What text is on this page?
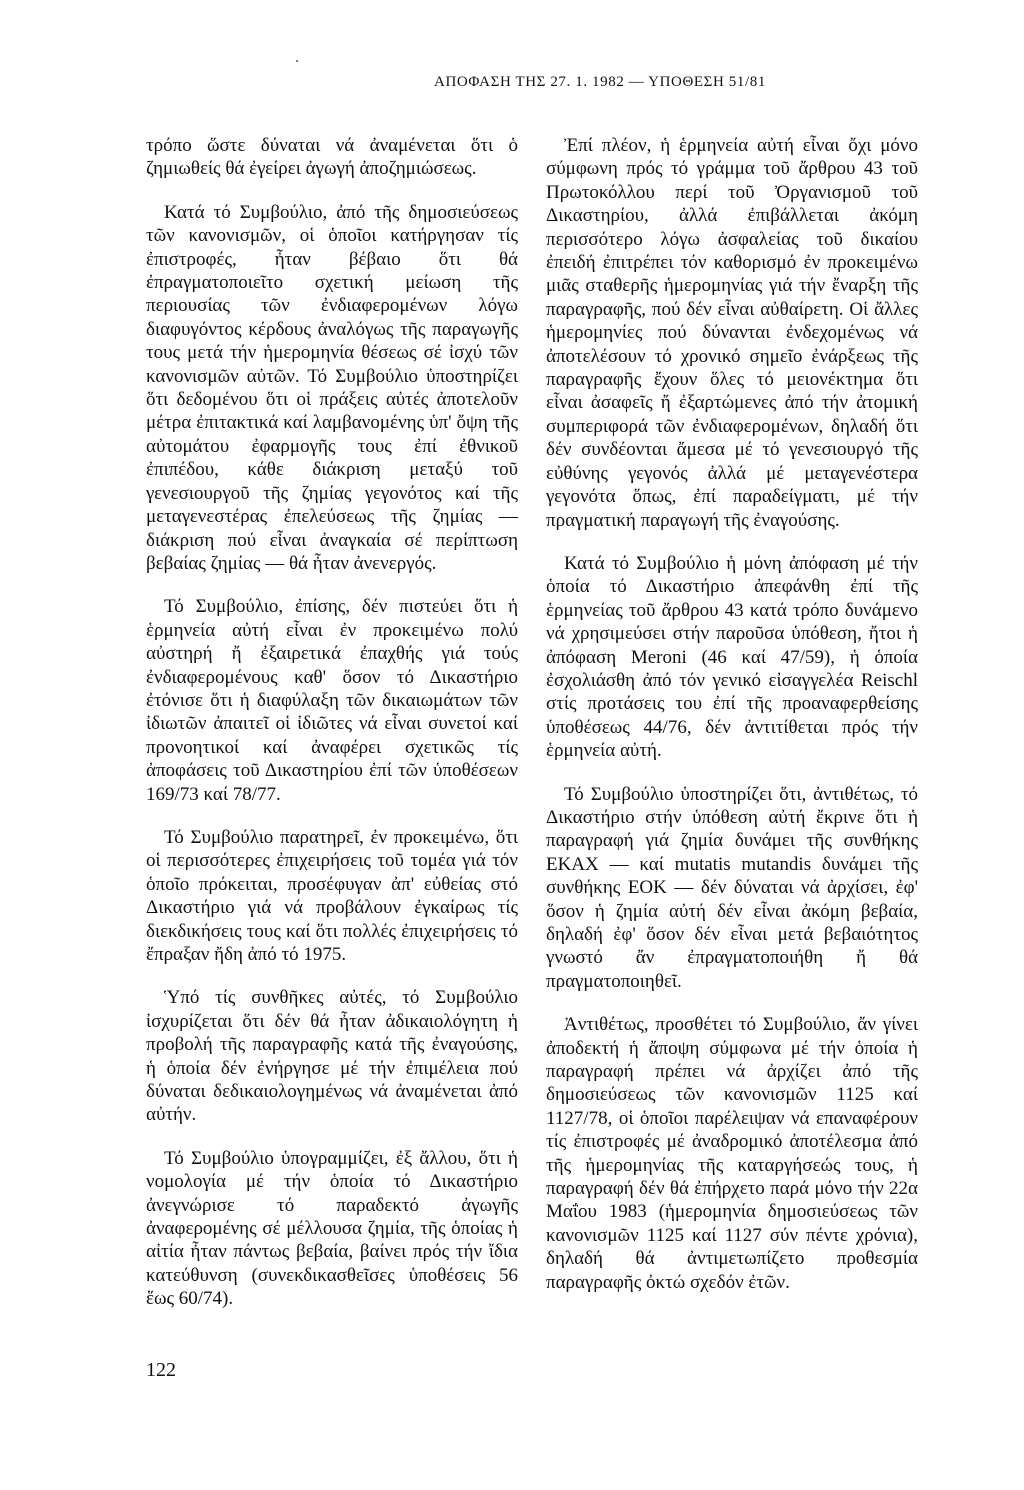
ΑΠΟΦΑΣΗ ΤΗΣ 27. 1. 1982 — ΥΠΟΘΕΣΗ 51/81

τρόπο ὥστε δύναται νά ἀναμένεται ὅτι ὁ ζημιωθείς θά ἐγείρει ἀγωγή ἀποζημιώσεως.

Κατά τό Συμβούλιο, ἀπό τῆς δημοσιεύσεως τῶν κανονισμῶν, οἱ ὁποῖοι κατήργησαν τίς ἐπιστροφές, ἦταν βέβαιο ὅτι θά ἐπραγματοποιεῖτο σχετική μείωση τῆς περιουσίας τῶν ἐνδιαφερομένων λόγω διαφυγόντος κέρδους ἀναλόγως τῆς παραγωγῆς τους μετά τήν ἡμερομηνία θέσεως σέ ἰσχύ τῶν κανονισμῶν αὐτῶν. Τό Συμβούλιο ὑποστηρίζει ὅτι δεδομένου ὅτι οἱ πράξεις αὐτές ἀποτελοῦν μέτρα ἐπιτακτικά καί λαμβανομένης ὑπ' ὄψη τῆς αὐτομάτου ἐφαρμογῆς τους ἐπί ἐθνικοῦ ἐπιπέδου, κάθε διάκριση μεταξύ τοῦ γενεσιουργοῦ τῆς ζημίας γεγονότος καί τῆς μεταγενεστέρας ἐπελεύσεως τῆς ζημίας — διάκριση πού εἶναι ἀναγκαία σέ περίπτωση βεβαίας ζημίας — θά ἦταν ἀνενεργός.

Τό Συμβούλιο, ἐπίσης, δέν πιστεύει ὅτι ἡ ἑρμηνεία αὐτή εἶναι ἐν προκειμένω πολύ αὐστηρή ἤ ἐξαιρετικά ἐπαχθής γιά τούς ἐνδιαφερομένους καθ' ὅσον τό Δικαστήριο ἐτόνισε ὅτι ἡ διαφύλαξη τῶν δικαιωμάτων τῶν ἰδιωτῶν ἀπαιτεῖ οἱ ἰδιῶτες νά εἶναι συνετοί καί προνοητικοί καί ἀναφέρει σχετικῶς τίς ἀποφάσεις τοῦ Δικαστηρίου ἐπί τῶν ὑποθέσεων 169/73 καί 78/77.

Τό Συμβούλιο παρατηρεῖ, ἐν προκειμένω, ὅτι οἱ περισσότερες ἐπιχειρήσεις τοῦ τομέα γιά τόν ὁποῖο πρόκειται, προσέφυγαν ἀπ' εὐθείας στό Δικαστήριο γιά νά προβάλουν ἐγκαίρως τίς διεκδικήσεις τους καί ὅτι πολλές ἐπιχειρήσεις τό ἔπραξαν ἤδη ἀπό τό 1975.

Ὑπό τίς συνθῆκες αὐτές, τό Συμβούλιο ἰσχυρίζεται ὅτι δέν θά ἦταν ἀδικαιολόγητη ἡ προβολή τῆς παραγραφῆς κατά τῆς ἐναγούσης, ἡ ὁποία δέν ἐνήργησε μέ τήν ἐπιμέλεια πού δύναται δεδικαιολογημένως νά ἀναμένεται ἀπό αὐτήν.

Τό Συμβούλιο ὑπογραμμίζει, ἐξ ἄλλου, ὅτι ἡ νομολογία μέ τήν ὁποία τό Δικαστήριο ἀνεγνώρισε τό παραδεκτό ἀγωγῆς ἀναφερομένης σέ μέλλουσα ζημία, τῆς ὁποίας ἡ αἰτία ἦταν πάντως βεβαία, βαίνει πρός τήν ἴδια κατεύθυνση (συνεκδικασθεῖσες ὑποθέσεις 56 ἕως 60/74).

Ἐπί πλέον, ἡ ἑρμηνεία αὐτή εἶναι ὄχι μόνο σύμφωνη πρός τό γράμμα τοῦ ἄρθρου 43 τοῦ Πρωτοκόλλου περί τοῦ Ὀργανισμοῦ τοῦ Δικαστηρίου, ἀλλά ἐπιβάλλεται ἀκόμη περισσότερο λόγω ἀσφαλείας τοῦ δικαίου ἐπειδή ἐπιτρέπει τόν καθορισμό ἐν προκειμένω μιᾶς σταθερῆς ἡμερομηνίας γιά τήν ἔναρξη τῆς παραγραφῆς, πού δέν εἶναι αὐθαίρετη. Οἱ ἄλλες ἡμερομηνίες πού δύνανται ἐνδεχομένως νά ἀποτελέσουν τό χρονικό σημεῖο ἐνάρξεως τῆς παραγραφῆς ἔχουν ὅλες τό μειονέκτημα ὅτι εἶναι ἀσαφεῖς ἤ ἐξαρτώμενες ἀπό τήν ἀτομική συμπεριφορά τῶν ἐνδιαφερομένων, δηλαδή ὅτι δέν συνδέονται ἄμεσα μέ τό γενεσιουργό τῆς εὐθύνης γεγονός ἀλλά μέ μεταγενέστερα γεγονότα ὅπως, ἐπί παραδείγματι, μέ τήν πραγματική παραγωγή τῆς ἐναγούσης.

Κατά τό Συμβούλιο ἡ μόνη ἀπόφαση μέ τήν ὁποία τό Δικαστήριο ἀπεφάνθη ἐπί τῆς ἑρμηνείας τοῦ ἄρθρου 43 κατά τρόπο δυνάμενο νά χρησιμεύσει στήν παροῦσα ὑπόθεση, ἤτοι ἡ ἀπόφαση Meroni (46 καί 47/59), ἡ ὁποία ἐσχολιάσθη ἀπό τόν γενικό εἰσαγγελέα Reischl στίς προτάσεις του ἐπί τῆς προαναφερθείσης ὑποθέσεως 44/76, δέν ἀντιτίθεται πρός τήν ἑρμηνεία αὐτή.

Τό Συμβούλιο ὑποστηρίζει ὅτι, ἀντιθέτως, τό Δικαστήριο στήν ὑπόθεση αὐτή ἔκρινε ὅτι ἡ παραγραφή γιά ζημία δυνάμει τῆς συνθήκης ΕΚΑΧ — καί mutatis mutandis δυνάμει τῆς συνθήκης ΕΟΚ — δέν δύναται νά ἀρχίσει, ἐφ' ὅσον ἡ ζημία αὐτή δέν εἶναι ἀκόμη βεβαία, δηλαδή ἐφ' ὅσον δέν εἶναι μετά βεβαιότητος γνωστό ἄν ἐπραγματοποιήθη ἤ θά πραγματοποιηθεῖ.

Ἀντιθέτως, προσθέτει τό Συμβούλιο, ἄν γίνει ἀποδεκτή ἡ ἄποψη σύμφωνα μέ τήν ὁποία ἡ παραγραφή πρέπει νά ἀρχίζει ἀπό τῆς δημοσιεύσεως τῶν κανονισμῶν 1125 καί 1127/78, οἱ ὁποῖοι παρέλειψαν νά επαναφέρουν τίς ἐπιστροφές μέ ἀναδρομικό ἀποτέλεσμα ἀπό τῆς ἡμερομηνίας τῆς καταργήσεώς τους, ἡ παραγραφή δέν θά ἐπήρχετο παρά μόνο τήν 22α Μαΐου 1983 (ἡμερομηνία δημοσιεύσεως τῶν κανονισμῶν 1125 καί 1127 σύν πέντε χρόνια), δηλαδή θά ἀντιμετωπίζετο προθεσμία παραγραφῆς ὀκτώ σχεδόν ἐτῶν.

122
